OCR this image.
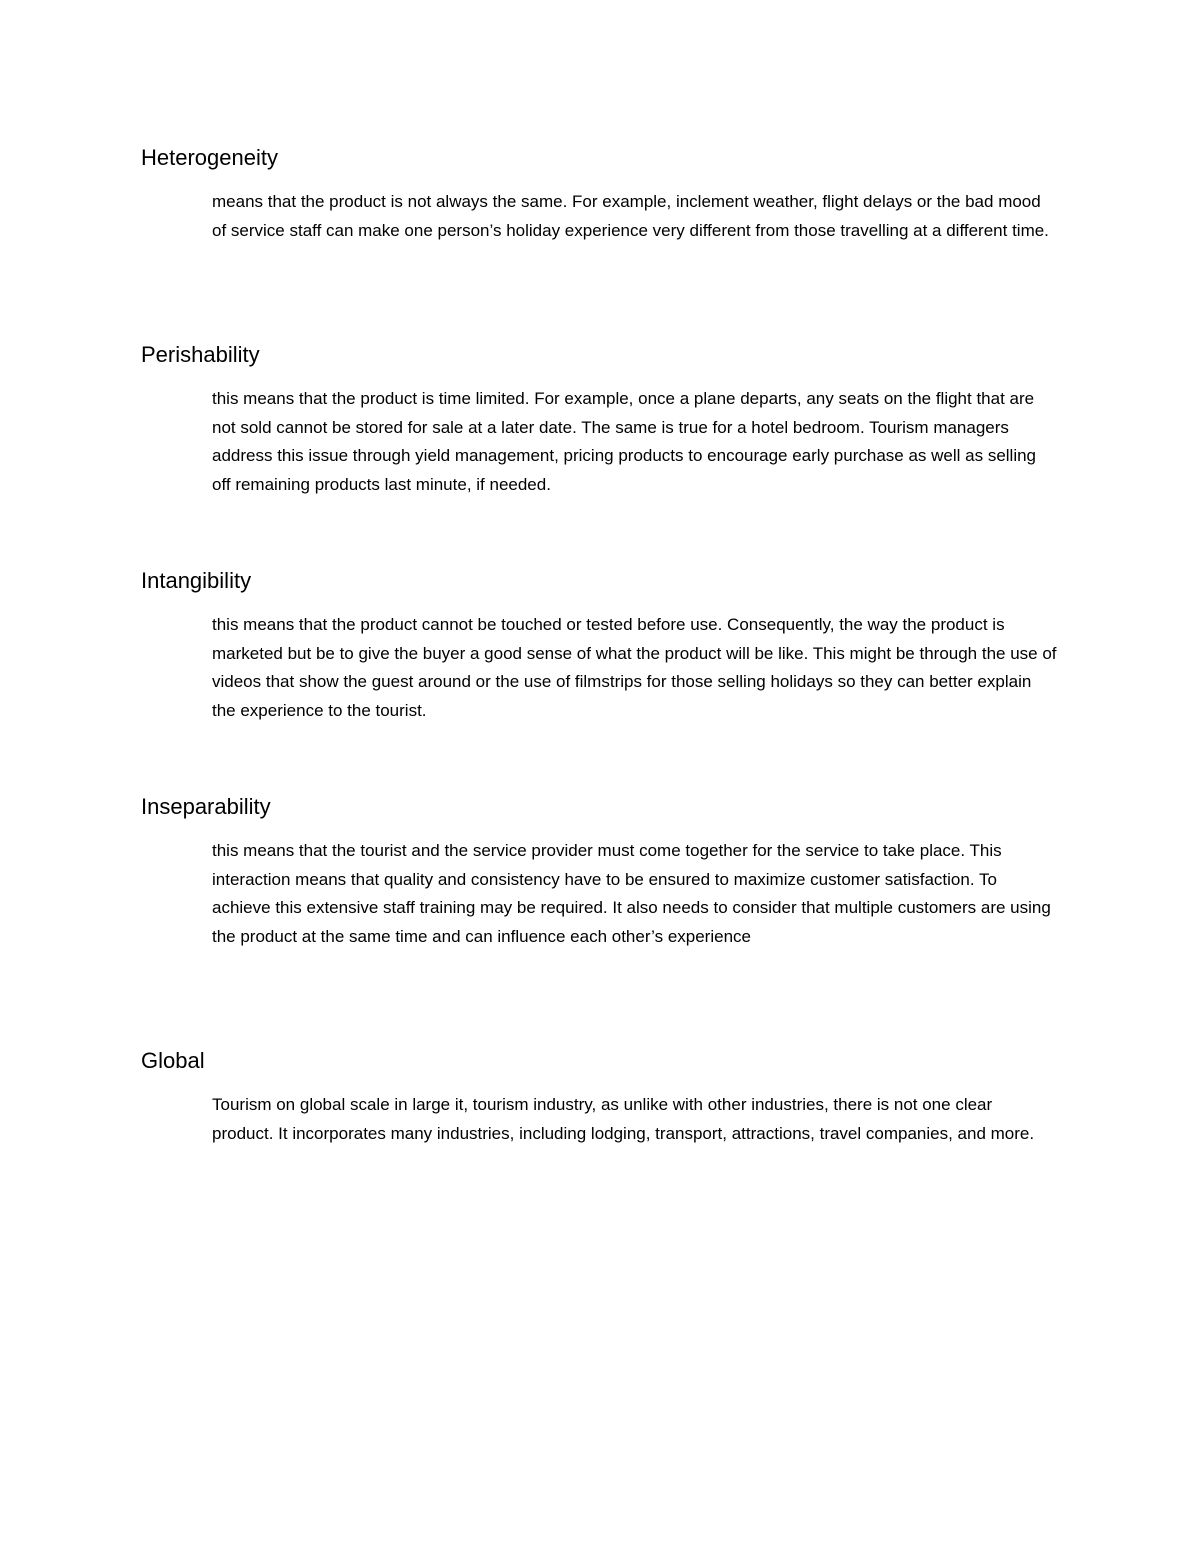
Heterogeneity

means that the product is not always the same. For example, inclement weather, flight delays or the bad mood of service staff can make one person’s holiday experience very different from those travelling at a different time.

Perishability

this means that the product is time limited. For example, once a plane departs, any seats on the flight that are not sold cannot be stored for sale at a later date. The same is true for a hotel bedroom. Tourism managers address this issue through yield management, pricing products to encourage early purchase as well as selling off remaining products last minute, if needed.

Intangibility

this means that the product cannot be touched or tested before use. Consequently, the way the product is marketed but be to give the buyer a good sense of what the product will be like. This might be through the use of videos that show the guest around or the use of filmstrips for those selling holidays so they can better explain the experience to the tourist.

Inseparability

this means that the tourist and the service provider must come together for the service to take place. This interaction means that quality and consistency have to be ensured to maximize customer satisfaction. To achieve this extensive staff training may be required. It also needs to consider that multiple customers are using the product at the same time and can influence each other’s experience

Global

Tourism on global scale in large it, tourism industry, as unlike with other industries, there is not one clear product. It incorporates many industries, including lodging, transport, attractions, travel companies, and more.
